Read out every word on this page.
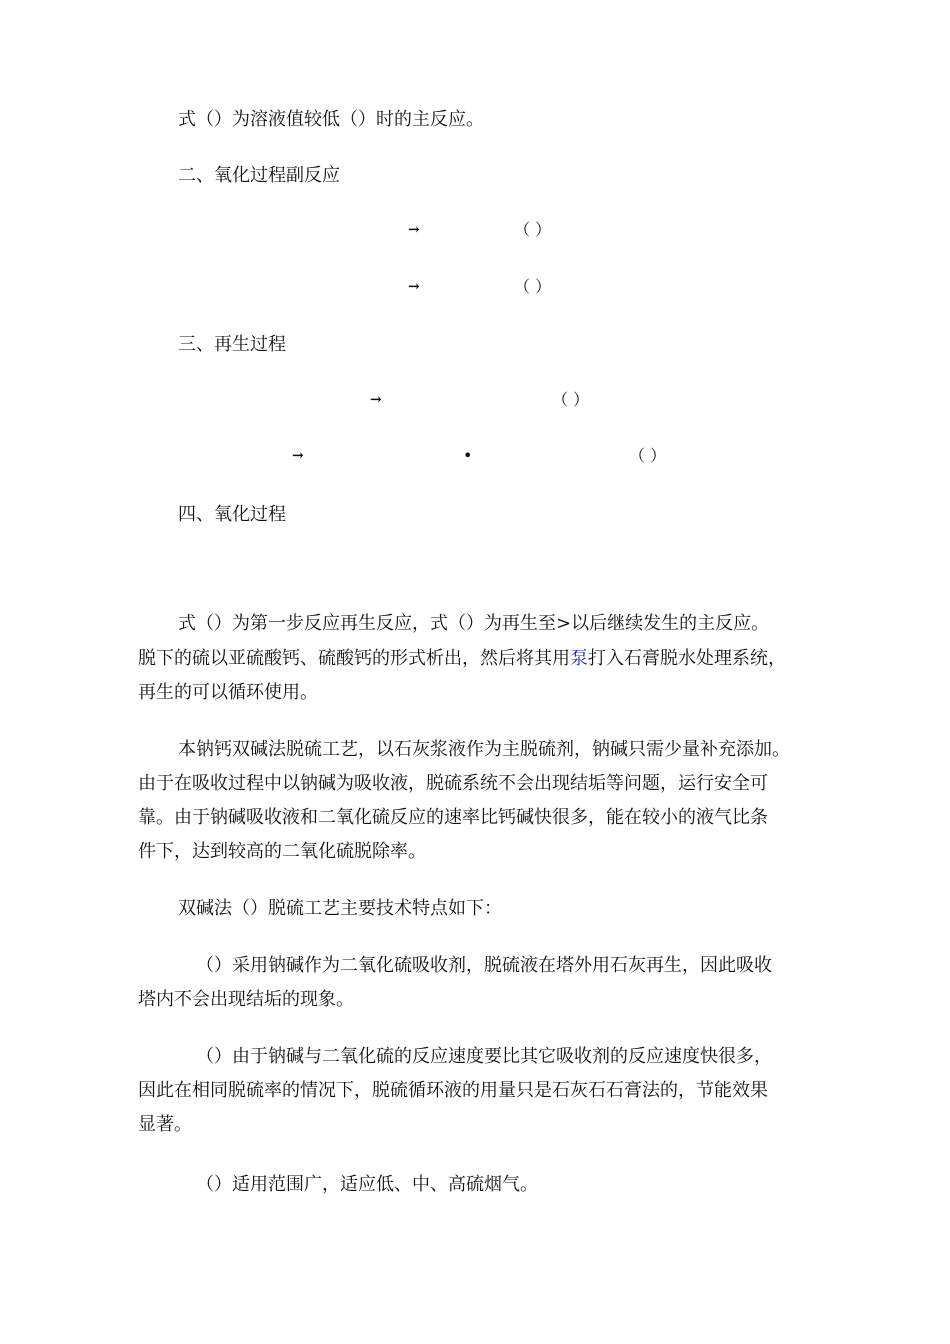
式（）为溶液值较低（）时的主反应。
二、氧化过程副反应
→	（ ）
→	（ ）
三、再生过程
→	（ ）
→	•	（ ）
四、氧化过程
式（）为第一步反应再生反应，式（）为再生至>以后继续发生的主反应。
脱下的硫以亚硫酸钙、硫酸钙的形式析出，然后将其用泵打入石膏脱水处理系统，
再生的可以循环使用。
本钠钙双碱法脱硫工艺，以石灰浆液作为主脱硫剂，钠碱只需少量补充添加。
由于在吸收过程中以钠碱为吸收液，脱硫系统不会出现结垢等问题，运行安全可
靠。由于钠碱吸收液和二氧化硫反应的速率比钙碱快很多，能在较小的液气比条
件下，达到较高的二氧化硫脱除率。
双碱法（）脱硫工艺主要技术特点如下：
（）采用钠碱作为二氧化硫吸收剂，脱硫液在塔外用石灰再生，因此吸收
塔内不会出现结垢的现象。
（）由于钠碱与二氧化硫的反应速度要比其它吸收剂的反应速度快很多，
因此在相同脱硫率的情况下，脱硫循环液的用量只是石灰石石膏法的，节能效果
显著。
（）适用范围广，适应低、中、高硫烟气。
